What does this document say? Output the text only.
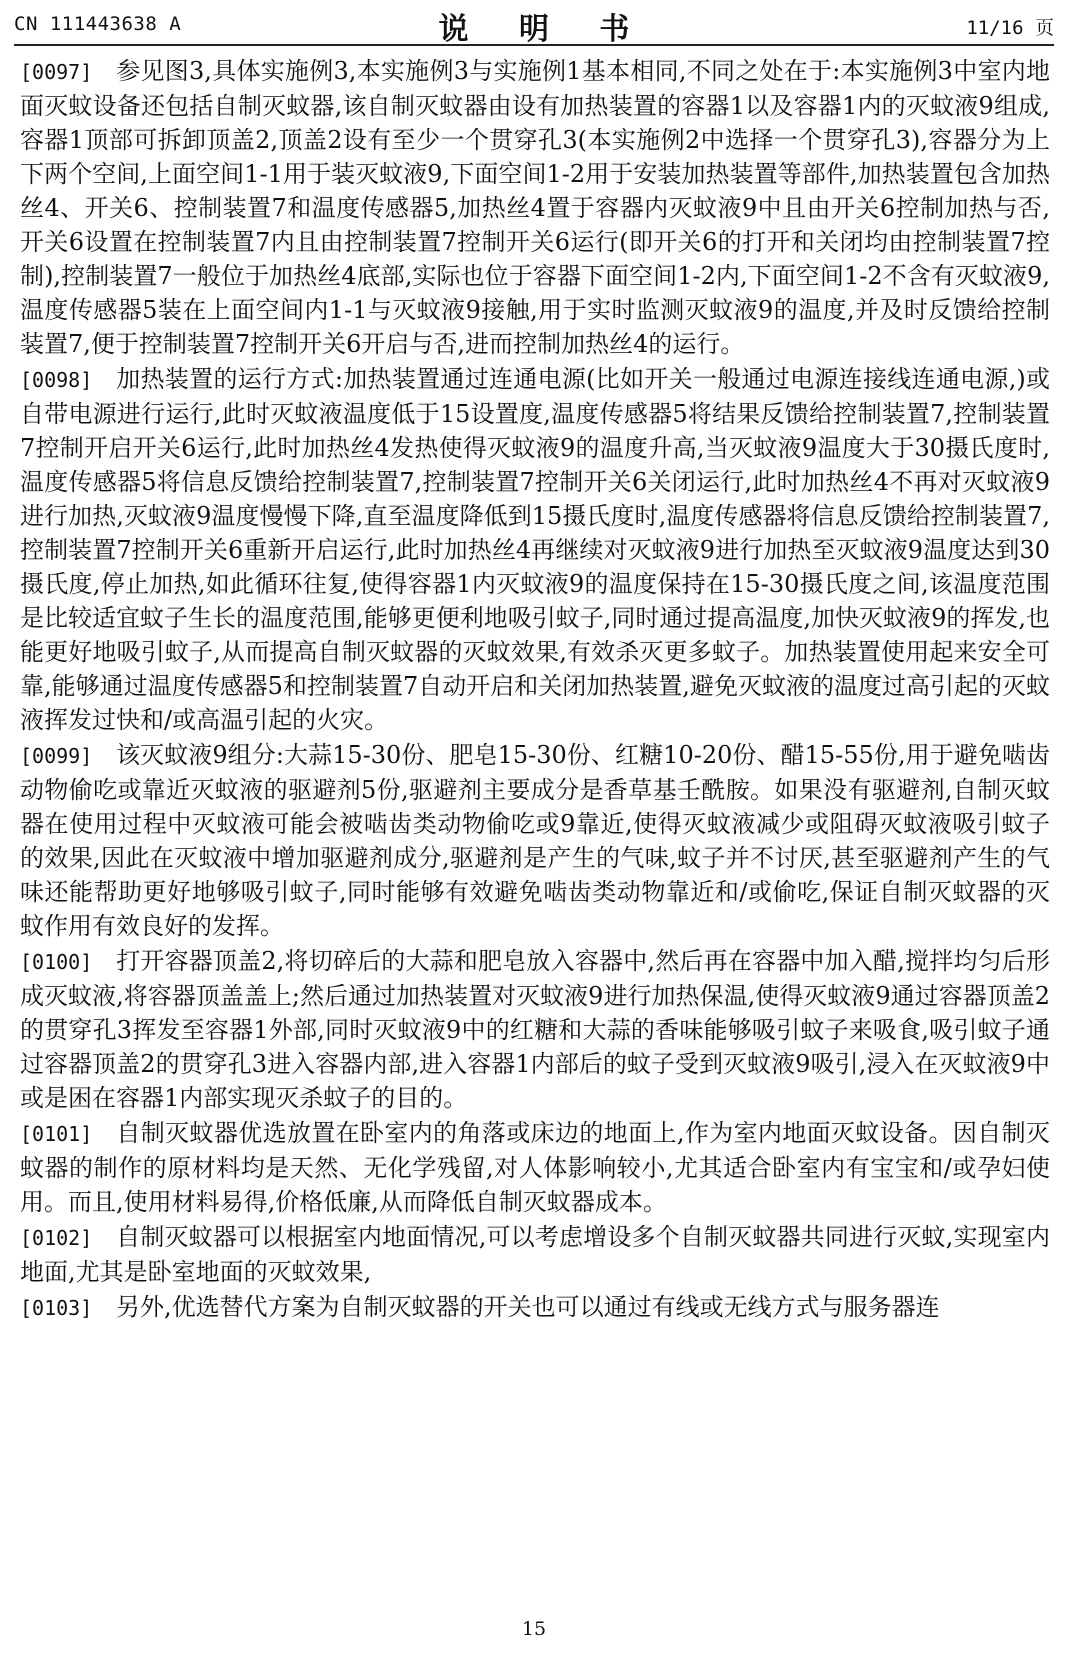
CN 111443638 A	说 明 书	11/16 页

[0097] 参见图3,具体实施例3,本实施例3与实施例1基本相同,不同之处在于:本实施例3中室内地面灭蚊设备还包括自制灭蚊器,该自制灭蚊器由设有加热装置的容器1以及容器1内的灭蚊液9组成,容器1顶部可拆卸顶盖2,顶盖2设有至少一个贯穿孔3(本实施例2中选择一个贯穿孔3),容器分为上下两个空间,上面空间1-1用于装灭蚊液9,下面空间1-2用于安装加热装置等部件,加热装置包含加热丝4、开关6、控制装置7和温度传感器5,加热丝4置于容器内灭蚊液9中且由开关6控制加热与否,开关6设置在控制装置7内且由控制装置7控制开关6运行(即开关6的打开和关闭均由控制装置7控制),控制装置7一般位于加热丝4底部,实际也位于容器下面空间1-2内,下面空间1-2不含有灭蚊液9,温度传感器5装在上面空间内1-1与灭蚊液9接触,用于实时监测灭蚊液9的温度,并及时反馈给控制装置7,便于控制装置7控制开关6开启与否,进而控制加热丝4的运行。

[0098] 加热装置的运行方式:加热装置通过连通电源(比如开关一般通过电源连接线连通电源,)或自带电源进行运行,此时灭蚊液温度低于15设置度,温度传感器5将结果反馈给控制装置7,控制装置7控制开启开关6运行,此时加热丝4发热使得灭蚊液9的温度升高,当灭蚊液9温度大于30摄氏度时,温度传感器5将信息反馈给控制装置7,控制装置7控制开关6关闭运行,此时加热丝4不再对灭蚊液9进行加热,灭蚊液9温度慢慢下降,直至温度降低到15摄氏度时,温度传感器将信息反馈给控制装置7,控制装置7控制开关6重新开启运行,此时加热丝4再继续对灭蚊液9进行加热至灭蚊液9温度达到30摄氏度,停止加热,如此循环往复,使得容器1内灭蚊液9的温度保持在15-30摄氏度之间,该温度范围是比较适宜蚊子生长的温度范围,能够更便利地吸引蚊子,同时通过提高温度,加快灭蚊液9的挥发,也能更好地吸引蚊子,从而提高自制灭蚊器的灭蚊效果,有效杀灭更多蚊子。加热装置使用起来安全可靠,能够通过温度传感器5和控制装置7自动开启和关闭加热装置,避免灭蚊液的温度过高引起的灭蚊液挥发过快和/或高温引起的火灾。

[0099] 该灭蚊液9组分:大蒜15-30份、肥皂15-30份、红糖10-20份、醋15-55份,用于避免啮齿动物偷吃或靠近灭蚊液的驱避剂5份,驱避剂主要成分是香草基壬酰胺。如果没有驱避剂,自制灭蚊器在使用过程中灭蚊液可能会被啮齿类动物偷吃或9靠近,使得灭蚊液减少或阻碍灭蚊液吸引蚊子的效果,因此在灭蚊液中增加驱避剂成分,驱避剂是产生的气味,蚊子并不讨厌,甚至驱避剂产生的气味还能帮助更好地够吸引蚊子,同时能够有效避免啮齿类动物靠近和/或偷吃,保证自制灭蚊器的灭蚊作用有效良好的发挥。

[0100] 打开容器顶盖2,将切碎后的大蒜和肥皂放入容器中,然后再在容器中加入醋,搅拌均匀后形成灭蚊液,将容器顶盖盖上;然后通过加热装置对灭蚊液9进行加热保温,使得灭蚊液9通过容器顶盖2的贯穿孔3挥发至容器1外部,同时灭蚊液9中的红糖和大蒜的香味能够吸引蚊子来吸食,吸引蚊子通过容器顶盖2的贯穿孔3进入容器内部,进入容器1内部后的蚊子受到灭蚊液9吸引,浸入在灭蚊液9中或是困在容器1内部实现灭杀蚊子的目的。

[0101] 自制灭蚊器优选放置在卧室内的角落或床边的地面上,作为室内地面灭蚊设备。因自制灭蚊器的制作的原材料均是天然、无化学残留,对人体影响较小,尤其适合卧室内有宝宝和/或孕妇使用。而且,使用材料易得,价格低廉,从而降低自制灭蚊器成本。

[0102] 自制灭蚊器可以根据室内地面情况,可以考虑增设多个自制灭蚊器共同进行灭蚊,实现室内地面,尤其是卧室地面的灭蚊效果,

[0103] 另外,优选替代方案为自制灭蚊器的开关也可以通过有线或无线方式与服务器连

15
